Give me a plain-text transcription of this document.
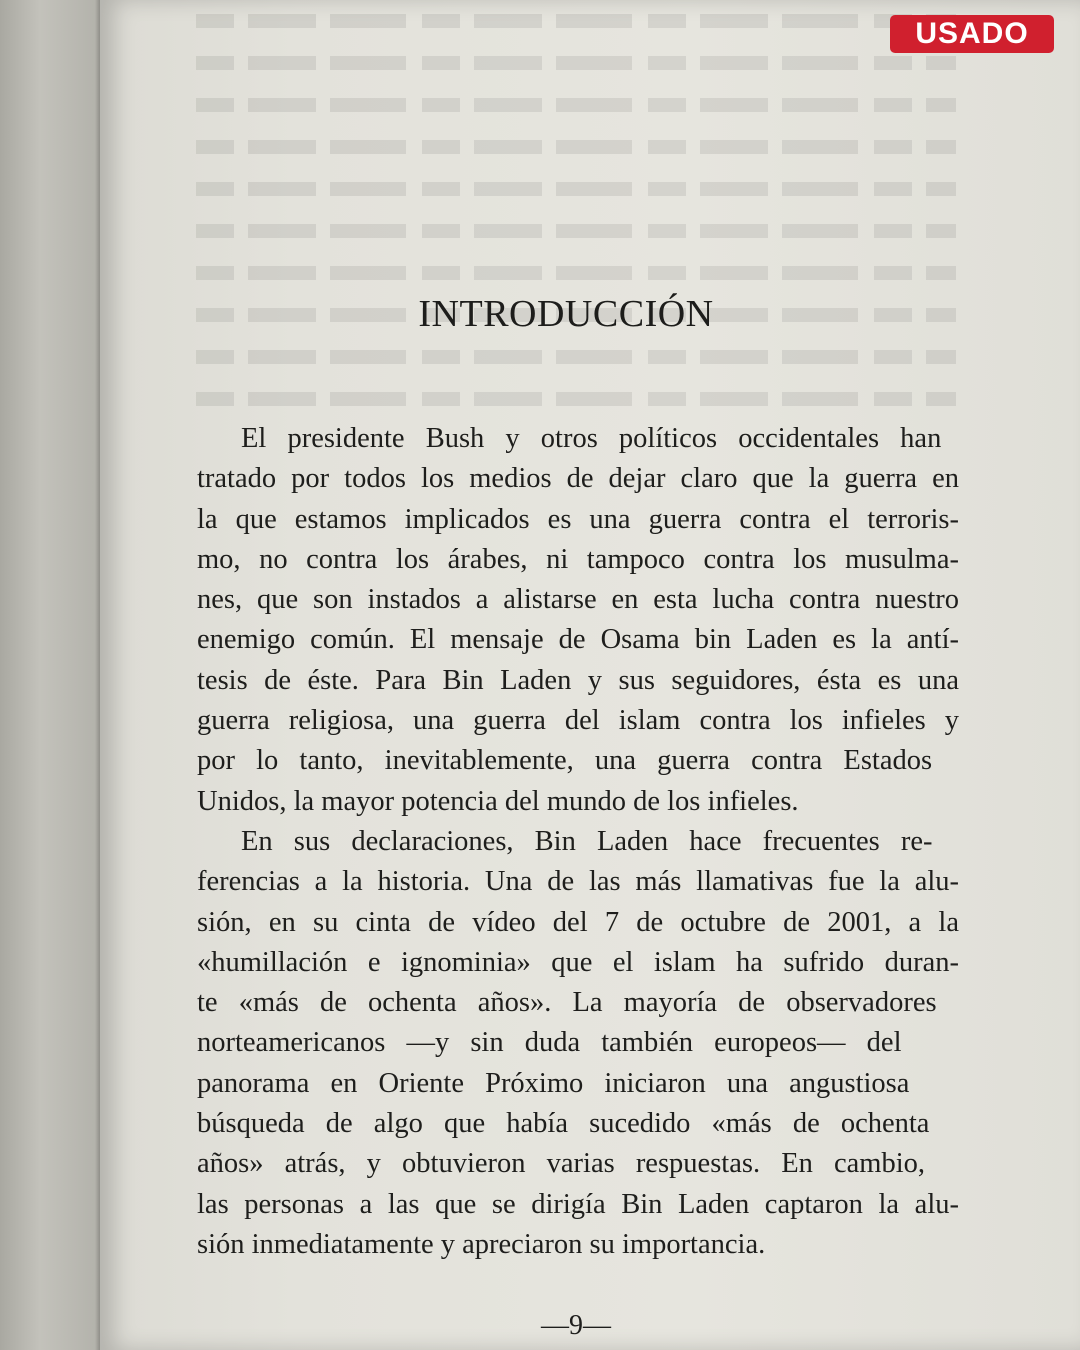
USADO
INTRODUCCIÓN

El presidente Bush y otros políticos occidentales han
tratado por todos los medios de dejar claro que la guerra en
la que estamos implicados es una guerra contra el terroris-
mo, no contra los árabes, ni tampoco contra los musulma-
nes, que son instados a alistarse en esta lucha contra nuestro
enemigo común. El mensaje de Osama bin Laden es la antí-
tesis de éste. Para Bin Laden y sus seguidores, ésta es una
guerra religiosa, una guerra del islam contra los infieles y
por lo tanto, inevitablemente, una guerra contra Estados
Unidos, la mayor potencia del mundo de los infieles.

En sus declaraciones, Bin Laden hace frecuentes re-
ferencias a la historia. Una de las más llamativas fue la alu-
sión, en su cinta de vídeo del 7 de octubre de 2001, a la
«humillación e ignominia» que el islam ha sufrido duran-
te «más de ochenta años». La mayoría de observadores
norteamericanos —y sin duda también europeos— del
panorama en Oriente Próximo iniciaron una angustiosa
búsqueda de algo que había sucedido «más de ochenta
años» atrás, y obtuvieron varias respuestas. En cambio,
las personas a las que se dirigía Bin Laden captaron la alu-
sión inmediatamente y apreciaron su importancia.

—9—
